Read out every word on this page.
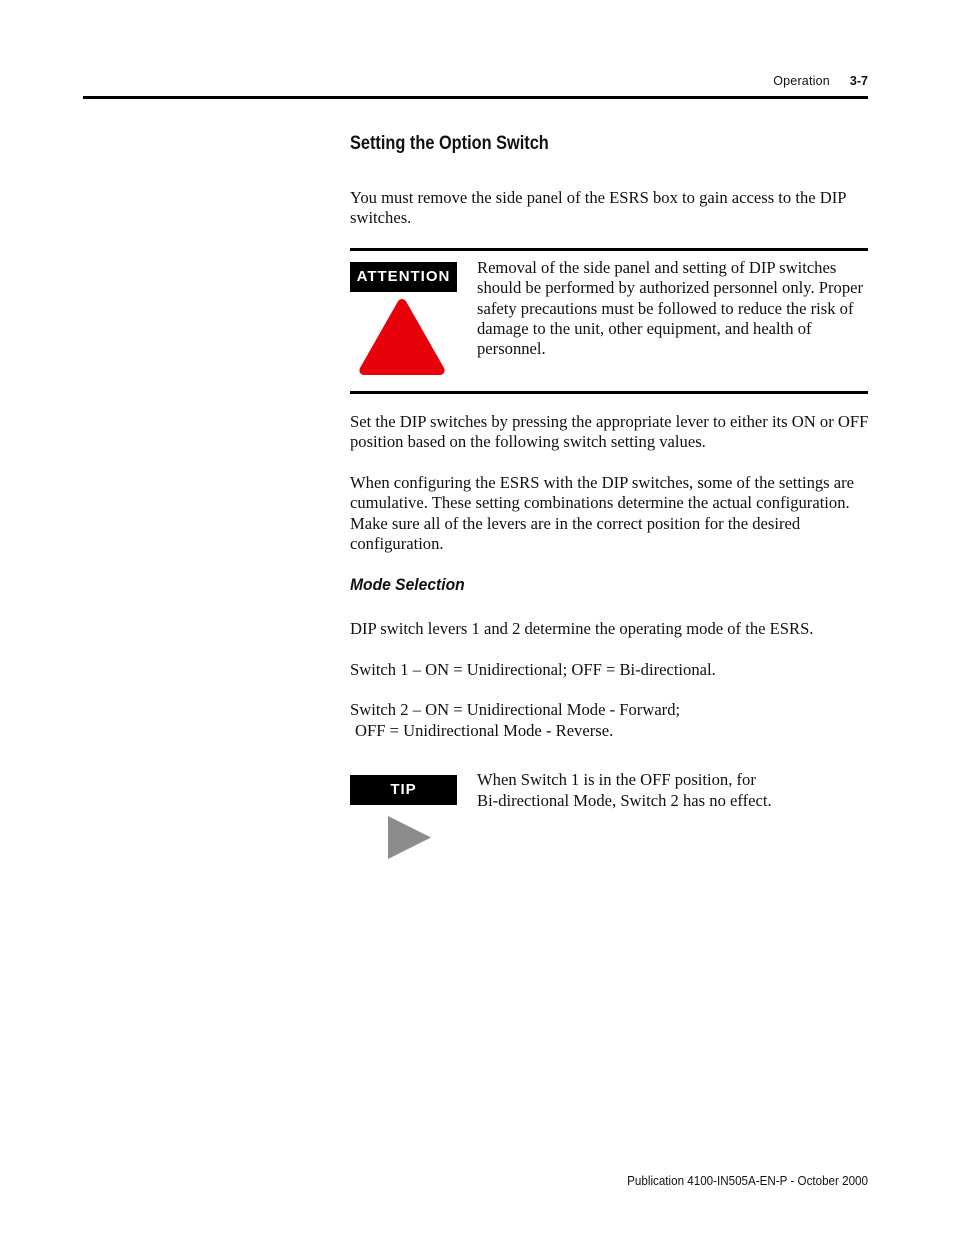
Operation 3-7
Setting the Option Switch

You must remove the side panel of the ESRS box to gain access to the DIP switches.

ATTENTION	Removal of the side panel and setting of DIP switches should be performed by authorized personnel only. Proper safety precautions must be followed to reduce the risk of damage to the unit, other equipment, and health of personnel.

Set the DIP switches by pressing the appropriate lever to either its ON or OFF position based on the following switch setting values.

When configuring the ESRS with the DIP switches, some of the settings are cumulative. These setting combinations determine the actual configuration. Make sure all of the levers are in the correct position for the desired configuration.

Mode Selection

DIP switch levers 1 and 2 determine the operating mode of the ESRS.

Switch 1 – ON = Unidirectional; OFF = Bi-directional.

Switch 2 – ON = Unidirectional Mode - Forward;

OFF = Unidirectional Mode - Reverse.

TIP

When Switch 1 is in the OFF position, for

Bi-directional Mode, Switch 2 has no effect.

Publication 4100-IN505A-EN-P - October 2000
